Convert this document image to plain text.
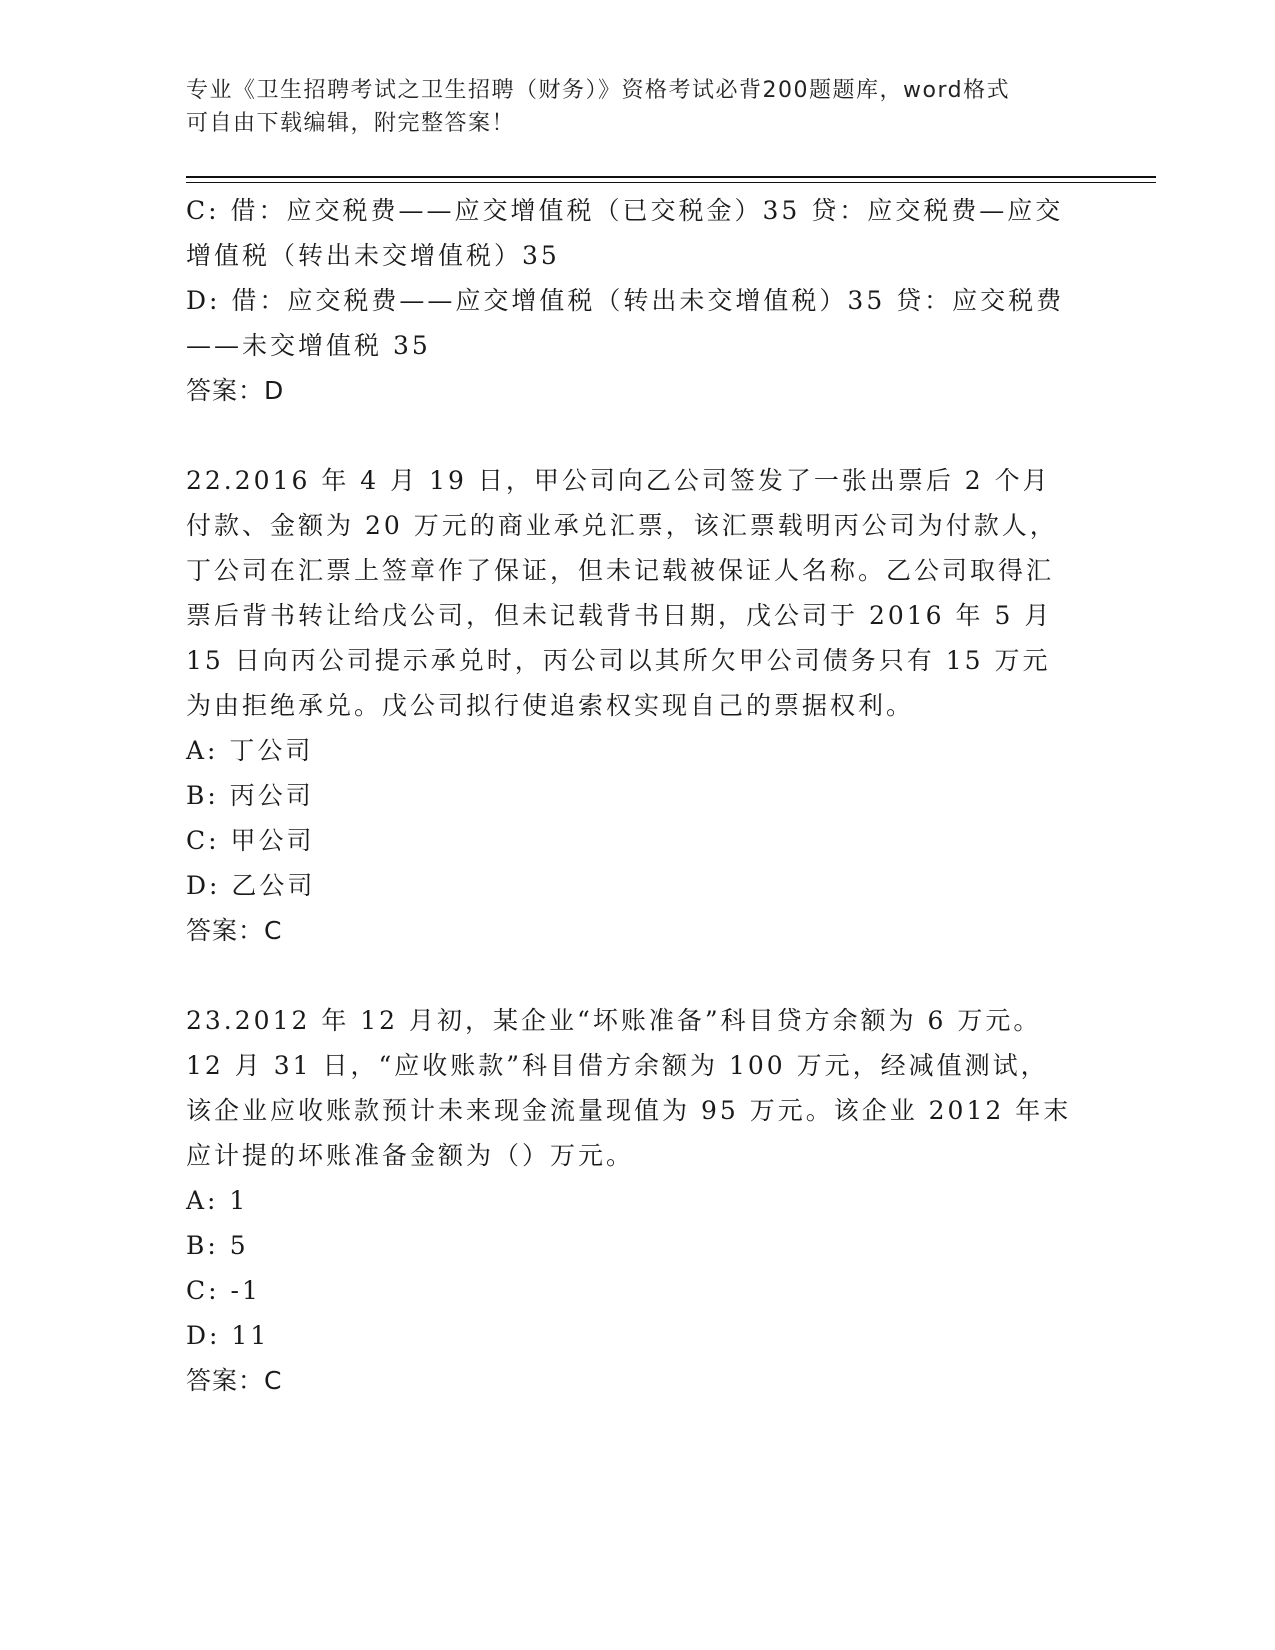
专业《卫生招聘考试之卫生招聘（财务）》资格考试必背200题题库，word格式
可自由下载编辑，附完整答案！

C: 借：应交税费——应交增值税（已交税金）35 贷：应交税费—应交增值税（转出未交增值税）35

D: 借：应交税费——应交增值税（转出未交增值税）35 贷：应交税费——未交增值税 35

答案：D

22.2016 年 4 月 19 日，甲公司向乙公司签发了一张出票后 2 个月付款、金额为 20 万元的商业承兑汇票，该汇票载明丙公司为付款人，丁公司在汇票上签章作了保证，但未记载被保证人名称。乙公司取得汇票后背书转让给戊公司，但未记载背书日期，戊公司于 2016 年 5 月 15 日向丙公司提示承兑时，丙公司以其所欠甲公司债务只有 15 万元为由拒绝承兑。戊公司拟行使追索权实现自己的票据权利。

A: 丁公司

B: 丙公司

C: 甲公司

D: 乙公司

答案：C

23.2012 年 12 月初，某企业“坏账准备”科目贷方余额为 6 万元。12 月 31 日，“应收账款”科目借方余额为 100 万元，经减值测试，该企业应收账款预计未来现金流量现值为 95 万元。该企业 2012 年末应计提的坏账准备金额为（）万元。

A: 1

B: 5

C: -1

D: 11

答案：C
